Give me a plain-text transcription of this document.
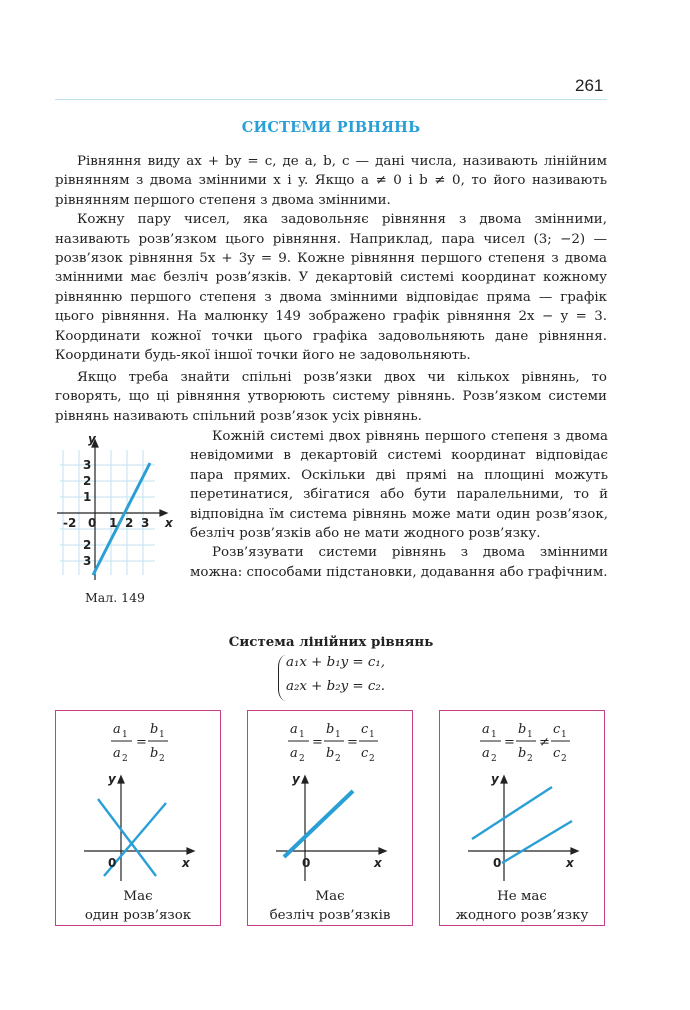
261
СИСТЕМИ РІВНЯНЬ

Рівняння виду ax + by = c, де a, b, c — дані числа, називають лінійним рівнянням з двома змінними x і y. Якщо a ≠ 0 і b ≠ 0, то його називають рівнянням першого степеня з двома змінними.

Кожну пару чисел, яка задовольняє рівняння з двома змінними, називають розв’язком цього рівняння. Наприклад, пара чисел (3; −2) — розв’язок рівняння 5x + 3y = 9. Кожне рівняння першого степеня з двома змінними має безліч розв’язків. У декартовій системі координат кожному рівнянню першого степеня з двома змінними відповідає пряма — графік цього рівняння. На малюнку 149 зображено графік рівняння 2x − y = 3. Координати кожної точки цього графіка задовольняють дане рівняння. Координати будь-якої іншої точки його не задовольняють.

Якщо треба знайти спільні розв’язки двох чи кількох рівнянь, то говорять, що ці рівняння утворюють систему рівнянь. Розв’язком системи рівнянь називають спільний розв’язок усіх рівнянь.

y
x
3
2
1
2
3
-2 0 1 2 3
Мал. 149

Кожній системі двох рівнянь першого степеня з двома невідомими в декартовій системі координат відповідає пара прямих. Оскільки дві прямі на площині можуть перетинатися, збігатися або бути паралельними, то й відповідна їм система рівнянь може мати один розв’язок, безліч розв’язків або не мати жодного розв’язку.

Розв’язувати системи рівнянь з двома змінними можна: способами підстановки, додавання або графічним.

Система лінійних рівнянь
a₁x + b₁y = c₁,
a₂x + b₂y = c₂.
a 1
a 2
=
b 1
b 2
y
x
0
Має
один розв’язок
a 1
a 2
=
b 1
b 2
=
c 1
c 2
y
x
0
Має
безліч розв’язків
a 1
a 2
=
b 1
b 2
≠
c 1
c 2
y
x
0
Не має
жодного розв’язку
